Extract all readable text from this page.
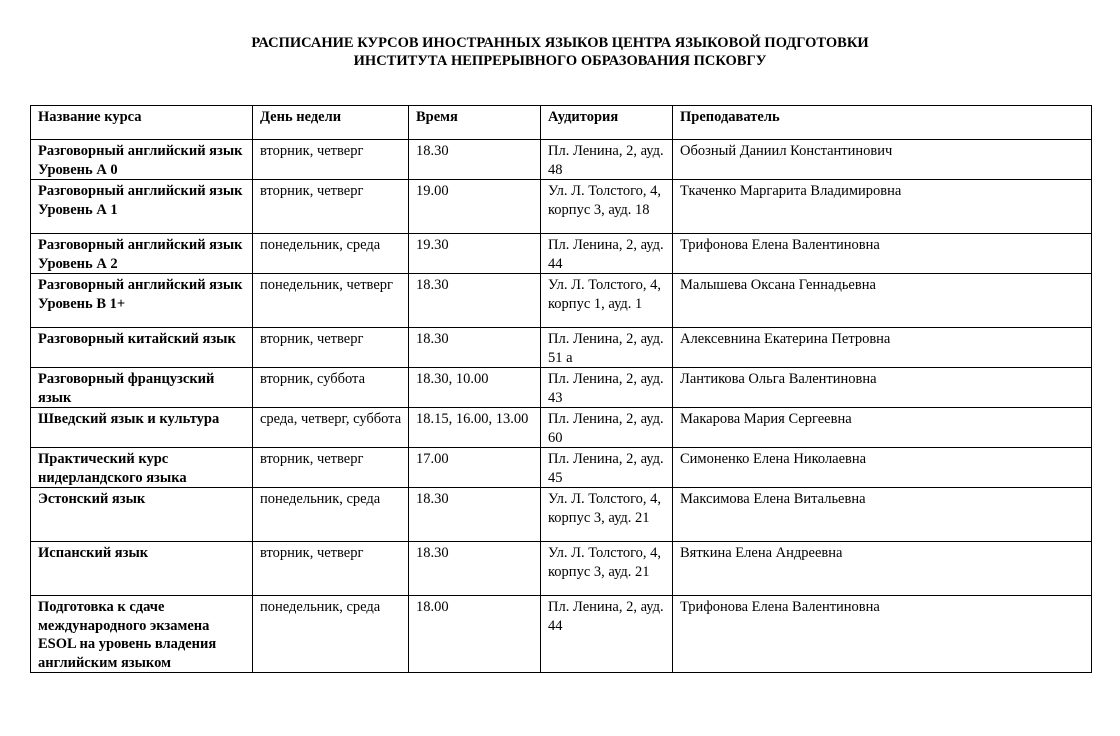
РАСПИСАНИЕ КУРСОВ ИНОСТРАННЫХ ЯЗЫКОВ ЦЕНТРА ЯЗЫКОВОЙ ПОДГОТОВКИ
ИНСТИТУТА НЕПРЕРЫВНОГО ОБРАЗОВАНИЯ ПСКОВГУ
Название курса	День недели	Время	Аудитория	Преподаватель
Разговорный английский язык Уровень А 0	вторник, четверг	18.30	Пл. Ленина, 2, ауд. 48	Обозный Даниил Константинович
Разговорный английский язык Уровень А 1	вторник, четверг	19.00	Ул. Л. Толстого, 4, корпус 3, ауд. 18	Ткаченко Маргарита Владимировна
Разговорный английский язык Уровень А 2	понедельник, среда	19.30	Пл. Ленина, 2, ауд. 44	Трифонова Елена Валентиновна
Разговорный английский язык Уровень В 1+	понедельник, четверг	18.30	Ул. Л. Толстого, 4, корпус 1, ауд. 1	Малышева Оксана Геннадьевна
Разговорный китайский язык	вторник, четверг	18.30	Пл. Ленина, 2, ауд. 51 а	Алексевнина Екатерина Петровна
Разговорный французский язык	вторник, суббота	18.30, 10.00	Пл. Ленина, 2, ауд. 43	Лантикова Ольга Валентиновна
Шведский язык и культура	среда, четверг, суббота	18.15, 16.00, 13.00	Пл. Ленина, 2, ауд. 60	Макарова Мария Сергеевна
Практический курс нидерландского языка	вторник, четверг	17.00	Пл. Ленина, 2, ауд. 45	Симоненко Елена Николаевна
Эстонский язык	понедельник, среда	18.30	Ул. Л. Толстого, 4, корпус 3, ауд. 21	Максимова Елена Витальевна
Испанский язык	вторник, четверг	18.30	Ул. Л. Толстого, 4, корпус 3, ауд. 21	Вяткина Елена Андреевна
Подготовка к сдаче международного экзамена ESOL на уровень владения английским языком	понедельник, среда	18.00	Пл. Ленина, 2, ауд. 44	Трифонова Елена Валентиновна
